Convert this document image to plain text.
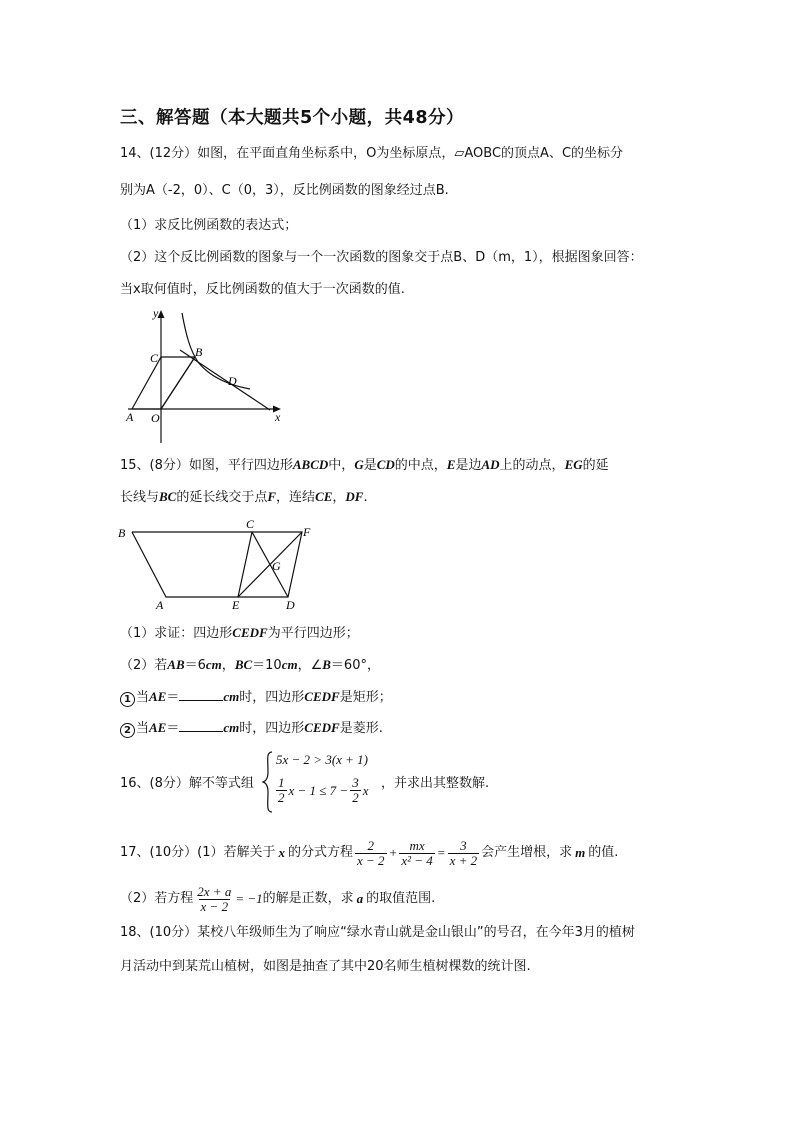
三、解答题（本大题共5个小题，共48分）
14、(12分）如图，在平面直角坐标系中，O为坐标原点，▱AOBC的顶点A、C的坐标分
别为A（-2，0）、C（0，3），反比例函数的图象经过点B.
（1）求反比例函数的表达式；
（2）这个反比例函数的图象与一个一次函数的图象交于点B、D（m，1），根据图象回答：
当x取何值时，反比例函数的值大于一次函数的值.
y
x
C	B
D
A O
15、(8分）如图，平行四边形ABCD中，G是CD的中点，E是边AD上的动点，EG的延
长线与BC的延长线交于点F，连结CE，DF.
B
C
F
G
A	E	D
（1）求证：四边形CEDF为平行四边形；
（2）若AB＝6cm，BC＝10cm，∠B＝60°，
1 当AE＝	cm时，四边形CEDF是矩形；
2 当AE＝	cm时，四边形CEDF是菱形.
16、(8分）解不等式组
5x − 2 > 3(x + 1)
$\frac{1}{2}$ $x - 1 \le 7 - \frac{3}{2}$ x ，并求出其整数解.
17、(10分）(1）若解关于 x 的分式方程 $\frac{2}{x - 2} + \frac{mx}{\text{x² − 4}} = \frac{3}{x + 2}$ 会产生增根，求 m 的值.
（2）若方程 $\frac{2x + a}{x - 2} = -1$ 的解是正数，求 a 的取值范围.
18、(10分）某校八年级师生为了响应“绿水青山就是金山银山”的号召，在今年3月的植树
月活动中到某荒山植树，如图是抽查了其中20名师生植树棵数的统计图.
